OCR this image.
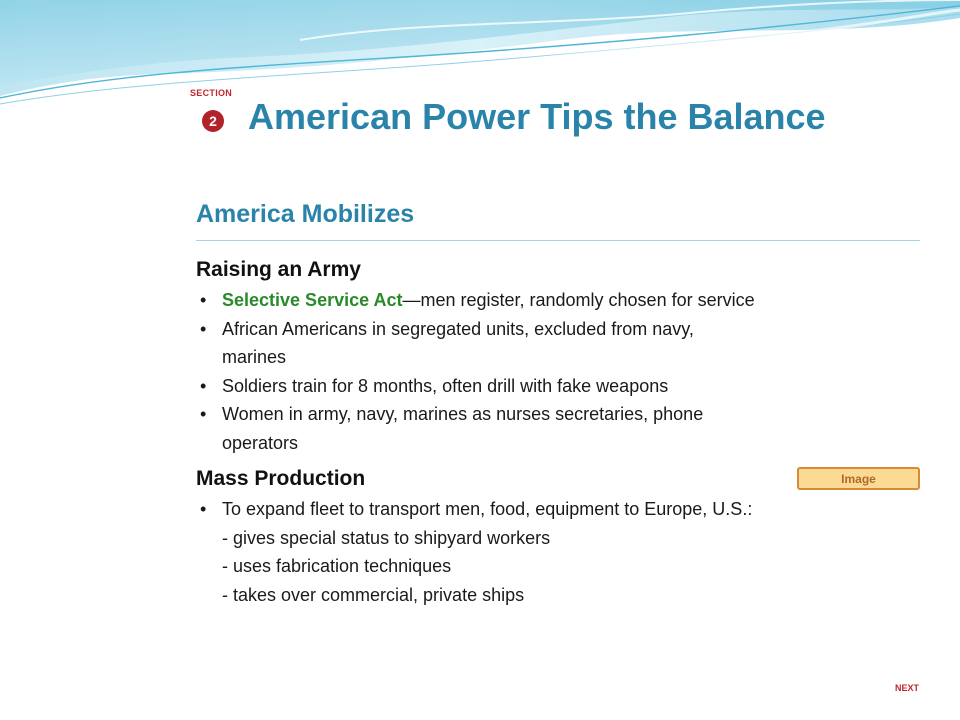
SECTION
2 American Power Tips the Balance
America Mobilizes
Raising an Army
• Selective Service Act—men register, randomly chosen for service
• African Americans in segregated units, excluded from navy, marines
• Soldiers train for 8 months, often drill with fake weapons
• Women in army, navy, marines as nurses secretaries, phone operators
Mass Production
• To expand fleet to transport men, food, equipment to Europe, U.S.:
- gives special status to shipyard workers
- uses fabrication techniques
- takes over commercial, private ships
Image
NEXT
